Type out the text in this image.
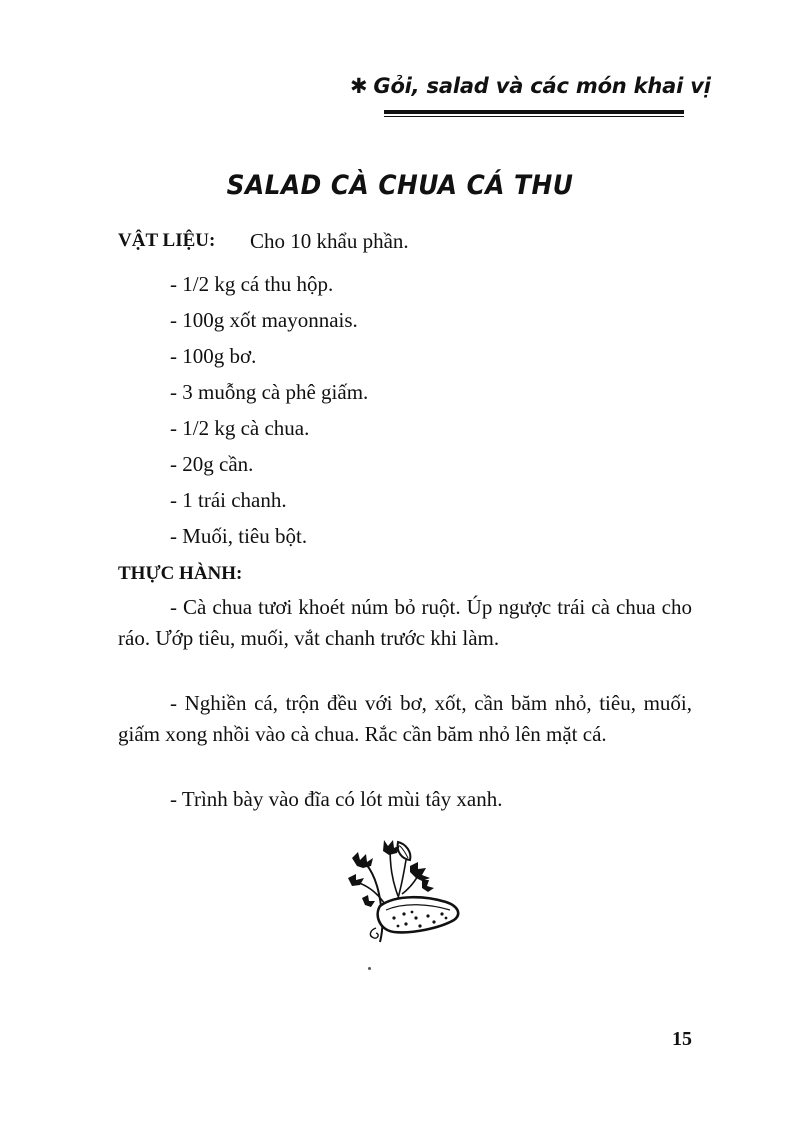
✱ Gỏi, salad và các món khai vị
SALAD CÀ CHUA CÁ THU
VẬT LIỆU: Cho 10 khẩu phần.
- 1/2 kg cá thu hộp.
- 100g xốt mayonnais.
- 100g bơ.
- 3 muỗng cà phê giấm.
- 1/2 kg cà chua.
- 20g cần.
- 1 trái chanh.
- Muối, tiêu bột.
THỰC HÀNH:

- Cà chua tươi khoét núm bỏ ruột. Úp ngược trái cà chua cho ráo. Ướp tiêu, muối, vắt chanh trước khi làm.

- Nghiền cá, trộn đều với bơ, xốt, cần băm nhỏ, tiêu, muối, giấm xong nhồi vào cà chua. Rắc cần băm nhỏ lên mặt cá.

- Trình bày vào đĩa có lót mùi tây xanh.

15
